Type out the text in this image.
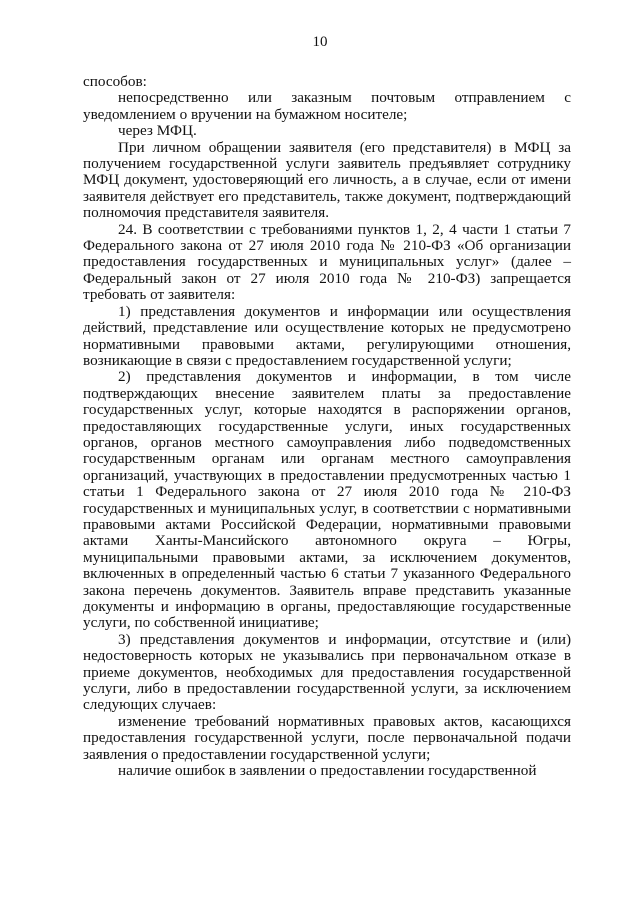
10

способов:

непосредственно или заказным почтовым отправлением с уведомлением о вручении на бумажном носителе;

через МФЦ.

При личном обращении заявителя (его представителя) в МФЦ за получением государственной услуги заявитель предъявляет сотруднику МФЦ документ, удостоверяющий его личность, а в случае, если от имени заявителя действует его представитель, также документ, подтверждающий полномочия представителя заявителя.

24. В соответствии с требованиями пунктов 1, 2, 4 части 1 статьи 7 Федерального закона от 27 июля 2010 года № 210-ФЗ «Об организации предоставления государственных и муниципальных услуг» (далее – Федеральный закон от 27 июля 2010 года № 210-ФЗ) запрещается требовать от заявителя:

1) представления документов и информации или осуществления действий, представление или осуществление которых не предусмотрено нормативными правовыми актами, регулирующими отношения, возникающие в связи с предоставлением государственной услуги;

2) представления документов и информации, в том числе подтверждающих внесение заявителем платы за предоставление государственных услуг, которые находятся в распоряжении органов, предоставляющих государственные услуги, иных государственных органов, органов местного самоуправления либо подведомственных государственным органам или органам местного самоуправления организаций, участвующих в предоставлении предусмотренных частью 1 статьи 1 Федерального закона от 27 июля 2010 года № 210-ФЗ государственных и муниципальных услуг, в соответствии с нормативными правовыми актами Российской Федерации, нормативными правовыми актами Ханты-Мансийского автономного округа – Югры, муниципальными правовыми актами, за исключением документов, включенных в определенный частью 6 статьи 7 указанного Федерального закона перечень документов. Заявитель вправе представить указанные документы и информацию в органы, предоставляющие государственные услуги, по собственной инициативе;

3) представления документов и информации, отсутствие и (или) недостоверность которых не указывались при первоначальном отказе в приеме документов, необходимых для предоставления государственной услуги, либо в предоставлении государственной услуги, за исключением следующих случаев:

изменение требований нормативных правовых актов, касающихся предоставления государственной услуги, после первоначальной подачи заявления о предоставлении государственной услуги;

наличие ошибок в заявлении о предоставлении государственной
